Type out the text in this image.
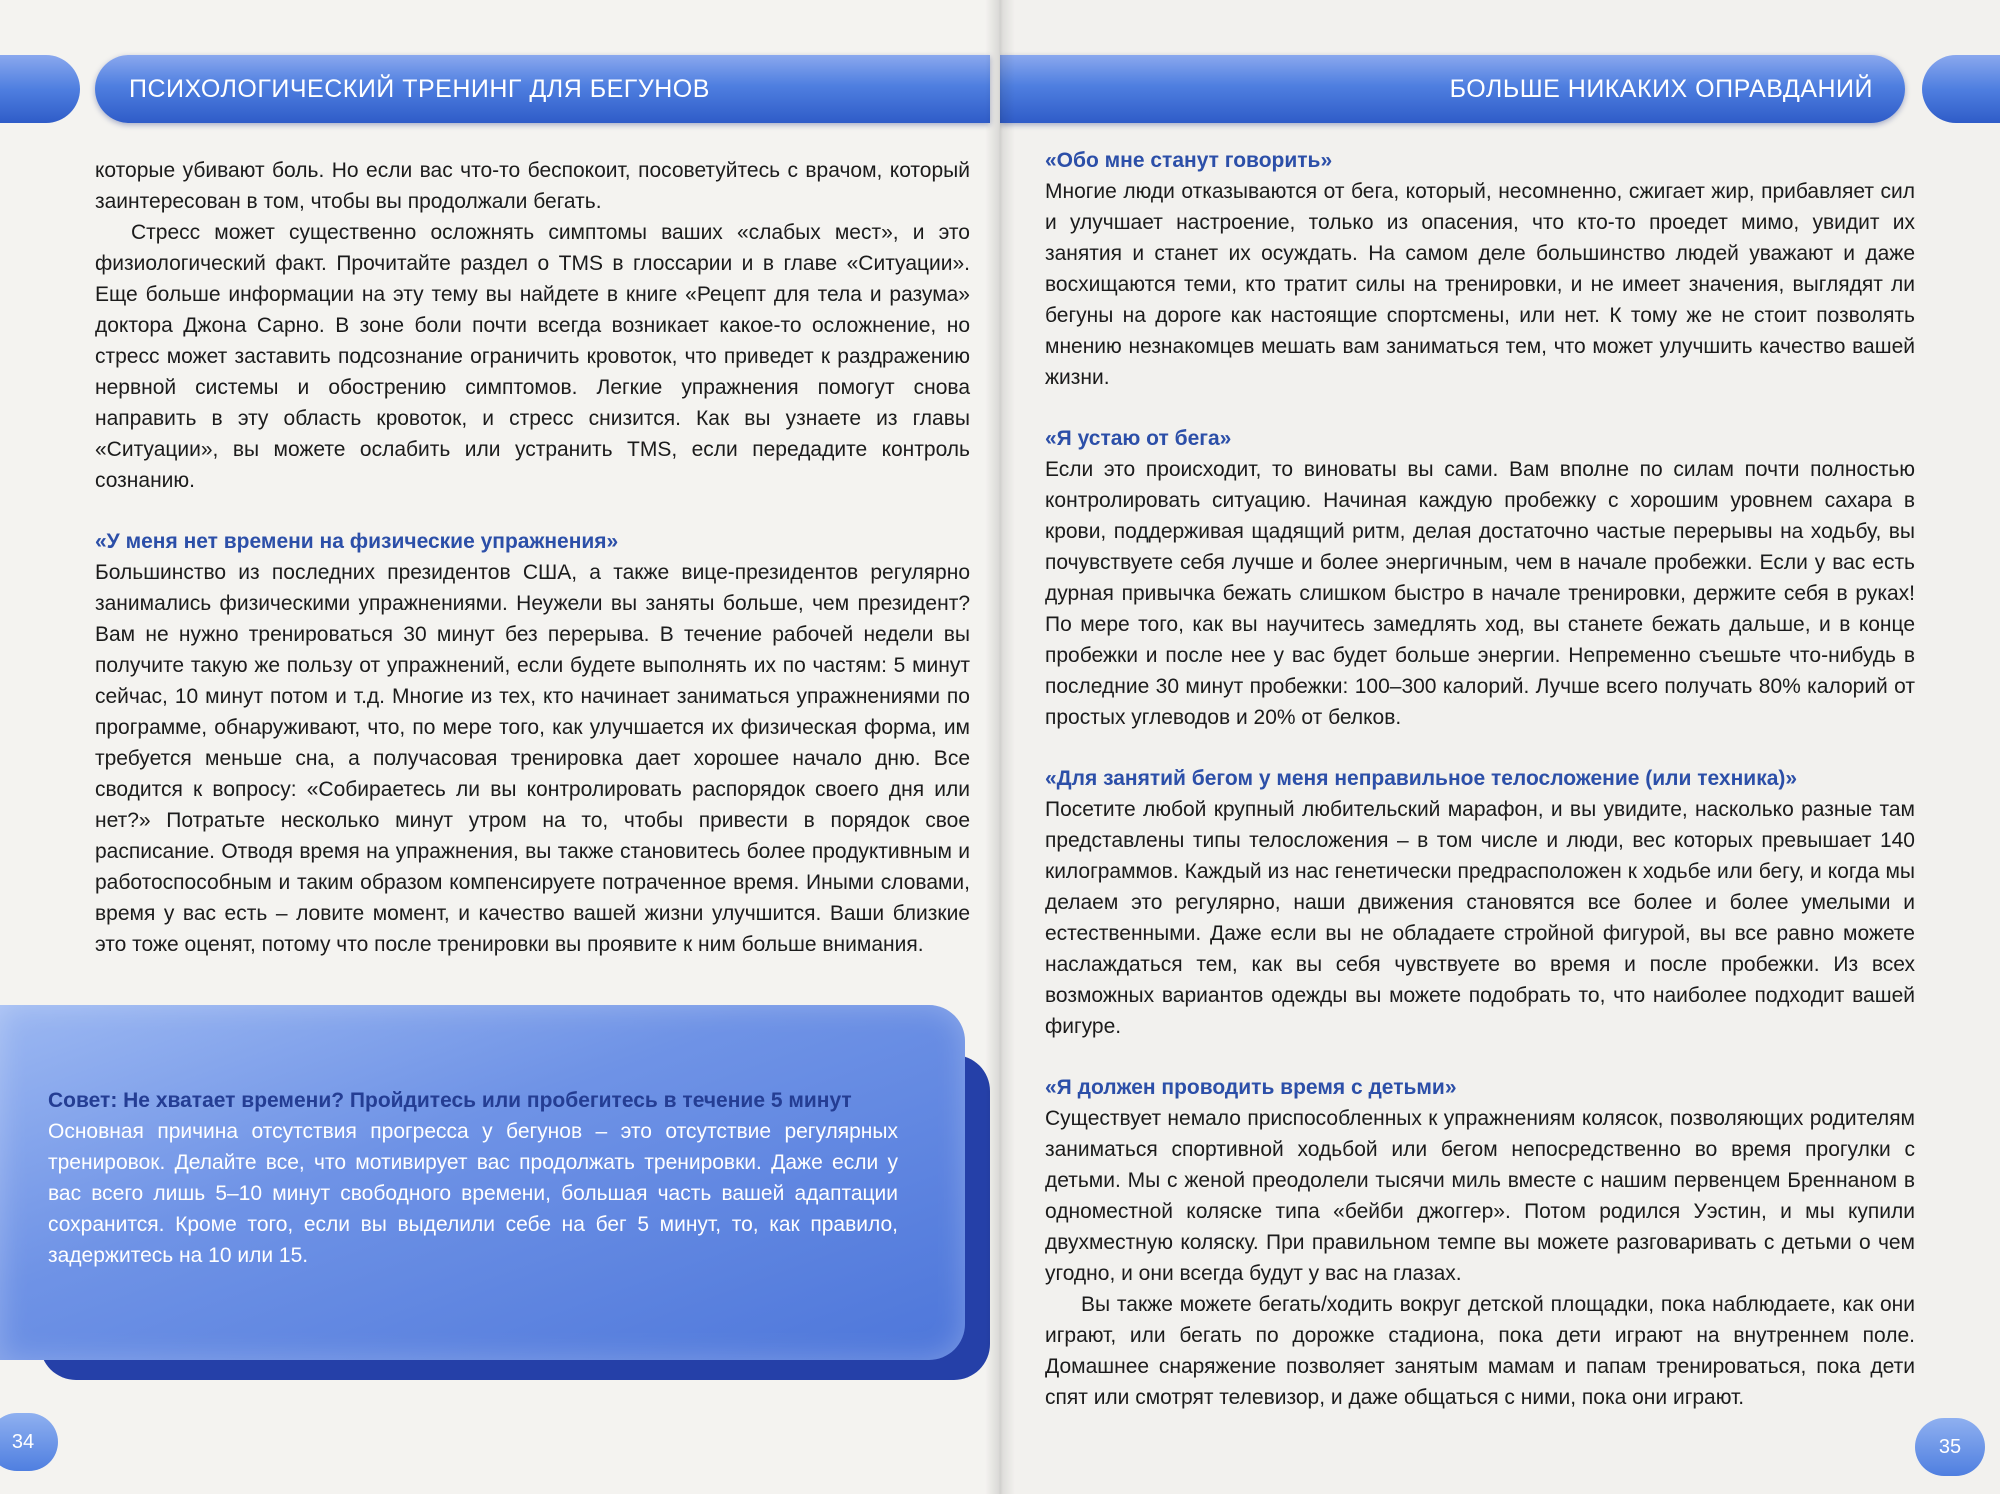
ПСИХОЛОГИЧЕСКИЙ ТРЕНИНГ ДЛЯ БЕГУНОВ

которые убивают боль. Но если вас что-то беспокоит, посоветуйтесь с врачом, который заинтересован в том, чтобы вы продолжали бегать.

Стресс может существенно осложнять симптомы ваших «слабых мест», и это физиологический факт. Прочитайте раздел о TMS в глоссарии и в главе «Ситуации». Еще больше информации на эту тему вы найдете в книге «Рецепт для тела и разума» доктора Джона Сарно. В зоне боли почти всегда возникает какое-то осложнение, но стресс может заставить подсознание ограничить кровоток, что приведет к раздражению нервной системы и обострению симптомов. Легкие упражнения помогут снова направить в эту область кровоток, и стресс снизится. Как вы узнаете из главы «Ситуации», вы можете ослабить или устранить TMS, если передадите контроль сознанию.

«У меня нет времени на физические упражнения»

Большинство из последних президентов США, а также вице-президентов регулярно занимались физическими упражнениями. Неужели вы заняты больше, чем президент? Вам не нужно тренироваться 30 минут без перерыва. В течение рабочей недели вы получите такую же пользу от упражнений, если будете выполнять их по частям: 5 минут сейчас, 10 минут потом и т.д. Многие из тех, кто начинает заниматься упражнениями по программе, обнаруживают, что, по мере того, как улучшается их физическая форма, им требуется меньше сна, а получасовая тренировка дает хорошее начало дню. Все сводится к вопросу: «Собираетесь ли вы контролировать распорядок своего дня или нет?» Потратьте несколько минут утром на то, чтобы привести в порядок свое расписание. Отводя время на упражнения, вы также становитесь более продуктивным и работоспособным и таким образом компенсируете потраченное время. Иными словами, время у вас есть – ловите момент, и качество вашей жизни улучшится. Ваши близкие это тоже оценят, потому что после тренировки вы проявите к ним больше внимания.

Совет: Не хватает времени? Пройдитесь или пробегитесь в течение 5 минут

Основная причина отсутствия прогресса у бегунов – это отсутствие регулярных тренировок. Делайте все, что мотивирует вас продолжать тренировки. Даже если у вас всего лишь 5–10 минут свободного времени, большая часть вашей адаптации сохранится. Кроме того, если вы выделили себе на бег 5 минут, то, как правило, задержитесь на 10 или 15.

34
БОЛЬШЕ НИКАКИХ ОПРАВДАНИЙ
«Обо мне станут говорить»

Многие люди отказываются от бега, который, несомненно, сжигает жир, прибавляет сил и улучшает настроение, только из опасения, что кто-то проедет мимо, увидит их занятия и станет их осуждать. На самом деле большинство людей уважают и даже восхищаются теми, кто тратит силы на тренировки, и не имеет значения, выглядят ли бегуны на дороге как настоящие спортсмены, или нет. К тому же не стоит позволять мнению незнакомцев мешать вам заниматься тем, что может улучшить качество вашей жизни.

«Я устаю от бега»

Если это происходит, то виноваты вы сами. Вам вполне по силам почти полностью контролировать ситуацию. Начиная каждую пробежку с хорошим уровнем сахара в крови, поддерживая щадящий ритм, делая достаточно частые перерывы на ходьбу, вы почувствуете себя лучше и более энергичным, чем в начале пробежки. Если у вас есть дурная привычка бежать слишком быстро в начале тренировки, держите себя в руках! По мере того, как вы научитесь замедлять ход, вы станете бежать дальше, и в конце пробежки и после нее у вас будет больше энергии. Непременно съешьте что-нибудь в последние 30 минут пробежки: 100–300 калорий. Лучше всего получать 80% калорий от простых углеводов и 20% от белков.

«Для занятий бегом у меня неправильное телосложение (или техника)»

Посетите любой крупный любительский марафон, и вы увидите, насколько разные там представлены типы телосложения – в том числе и люди, вес которых превышает 140 килограммов. Каждый из нас генетически предрасположен к ходьбе или бегу, и когда мы делаем это регулярно, наши движения становятся все более и более умелыми и естественными. Даже если вы не обладаете стройной фигурой, вы все равно можете наслаждаться тем, как вы себя чувствуете во время и после пробежки. Из всех возможных вариантов одежды вы можете подобрать то, что наиболее подходит вашей фигуре.

«Я должен проводить время с детьми»

Существует немало приспособленных к упражнениям колясок, позволяющих родителям заниматься спортивной ходьбой или бегом непосредственно во время прогулки с детьми. Мы с женой преодолели тысячи миль вместе с нашим первенцем Бреннаном в одноместной коляске типа «бейби джоггер». Потом родился Уэстин, и мы купили двухместную коляску. При правильном темпе вы можете разговаривать с детьми о чем угодно, и они всегда будут у вас на глазах.

Вы также можете бегать/ходить вокруг детской площадки, пока наблюдаете, как они играют, или бегать по дорожке стадиона, пока дети играют на внутреннем поле. Домашнее снаряжение позволяет занятым мамам и папам тренироваться, пока дети спят или смотрят телевизор, и даже общаться с ними, пока они играют.

35
